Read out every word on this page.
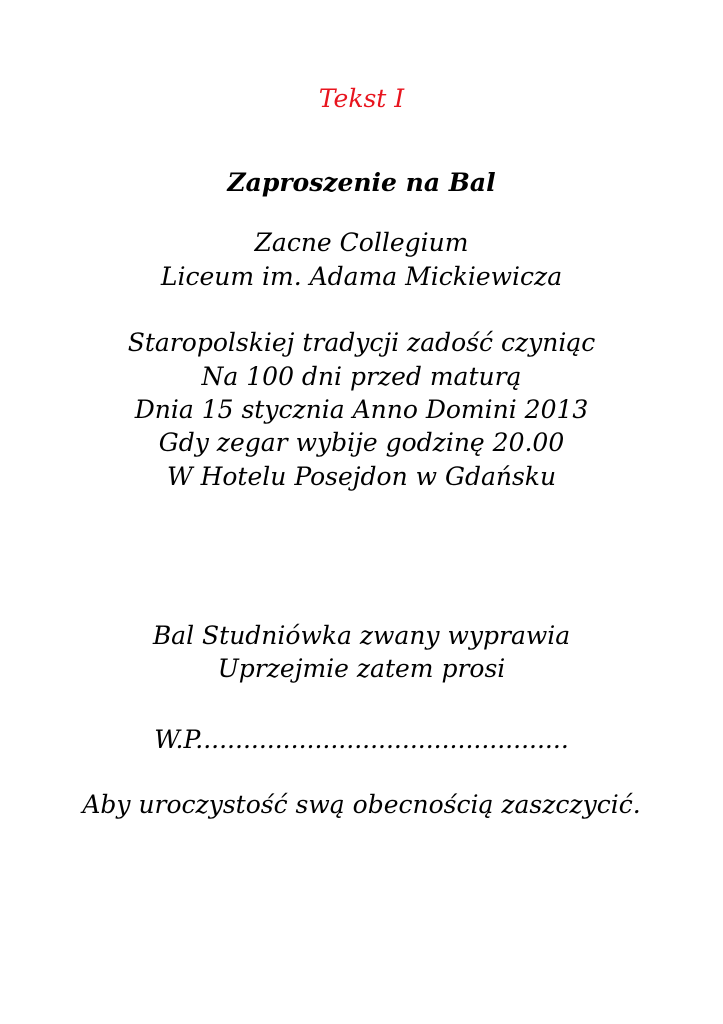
Tekst I
Zaproszenie na Bal
Zacne Collegium
Liceum im. Adama Mickiewicza
Staropolskiej tradycji zadość czyniąc
Na 100 dni przed maturą
Dnia 15 stycznia Anno Domini 2013
Gdy zegar wybije godzinę 20.00
W Hotelu Posejdon w Gdańsku
Bal Studniówka zwany wyprawia
Uprzejmie zatem prosi
W.P...............................................
Aby uroczystość swą obecnością zaszczycić.
